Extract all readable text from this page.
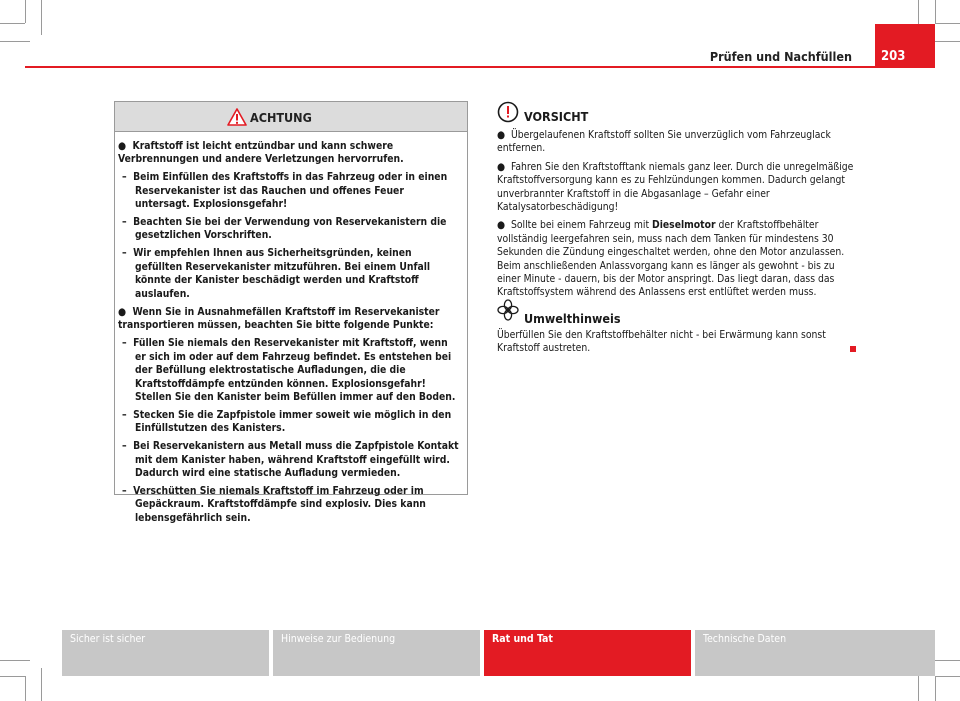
Prüfen und Nachfüllen	203
ACHTUNG

●  Kraftstoff ist leicht entzündbar und kann schwere Verbrennungen und andere Verletzungen hervorrufen.

–  Beim Einfüllen des Kraftstoffs in das Fahrzeug oder in einen Reservekanister ist das Rauchen und offenes Feuer untersagt. Explosionsgefahr!

–  Beachten Sie bei der Verwendung von Reservekanistern die gesetzlichen Vorschriften.

–  Wir empfehlen Ihnen aus Sicherheitsgründen, keinen gefüllten Reservekanister mitzuführen. Bei einem Unfall könnte der Kanister beschädigt werden und Kraftstoff auslaufen.

●  Wenn Sie in Ausnahmefällen Kraftstoff im Reservekanister transportieren müssen, beachten Sie bitte folgende Punkte:

–  Füllen Sie niemals den Reservekanister mit Kraftstoff, wenn er sich im oder auf dem Fahrzeug befindet. Es entstehen bei der Befüllung elektrostatische Aufladungen, die die Kraftstoffdämpfe entzünden können. Explosionsgefahr! Stellen Sie den Kanister beim Befüllen immer auf den Boden.

–  Stecken Sie die Zapfpistole immer soweit wie möglich in den Einfüllstutzen des Kanisters.

–  Bei Reservekanistern aus Metall muss die Zapfpistole Kontakt mit dem Kanister haben, während Kraftstoff eingefüllt wird. Dadurch wird eine statische Aufladung vermieden.

–  Verschütten Sie niemals Kraftstoff im Fahrzeug oder im Gepäckraum. Kraftstoffdämpfe sind explosiv. Dies kann lebensgefährlich sein.

VORSICHT

●  Übergelaufenen Kraftstoff sollten Sie unverzüglich vom Fahrzeuglack entfernen.

●  Fahren Sie den Kraftstofftank niemals ganz leer. Durch die unregelmäßige Kraftstoffversorgung kann es zu Fehlzündungen kommen. Dadurch gelangt unverbrannter Kraftstoff in die Abgasanlage – Gefahr einer Katalysatorbeschädigung!

●  Sollte bei einem Fahrzeug mit Dieselmotor der Kraftstoffbehälter vollständig leergefahren sein, muss nach dem Tanken für mindestens 30 Sekunden die Zündung eingeschaltet werden, ohne den Motor anzulassen. Beim anschließenden Anlassvorgang kann es länger als gewohnt - bis zu einer Minute - dauern, bis der Motor anspringt. Das liegt daran, dass das Kraftstoffsystem während des Anlassens erst entlüftet werden muss.

Umwelthinweis

Überfüllen Sie den Kraftstoffbehälter nicht - bei Erwärmung kann sonst Kraftstoff austreten.

Sicher ist sicher	Hinweise zur Bedienung	Rat und Tat	Technische Daten
